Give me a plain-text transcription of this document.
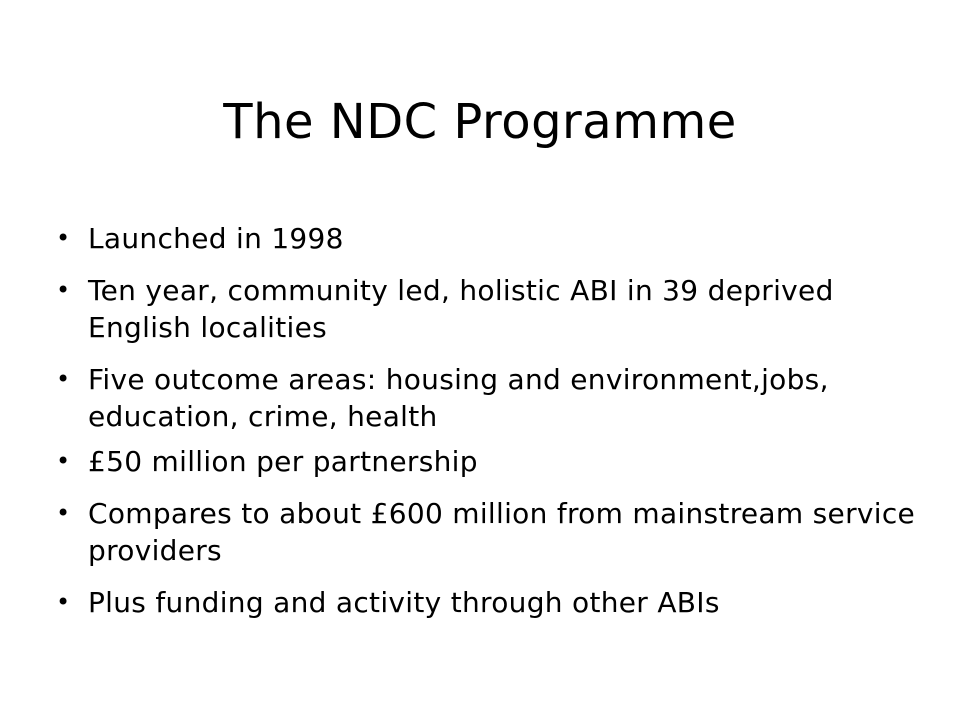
The NDC Programme
• Launched in 1998
• Ten year, community led, holistic ABI in 39 deprived English localities
• Five outcome areas: housing and environment,jobs, education, crime, health
• £50 million per partnership
• Compares to about £600 million from mainstream service providers
• Plus funding and activity through other ABIs
